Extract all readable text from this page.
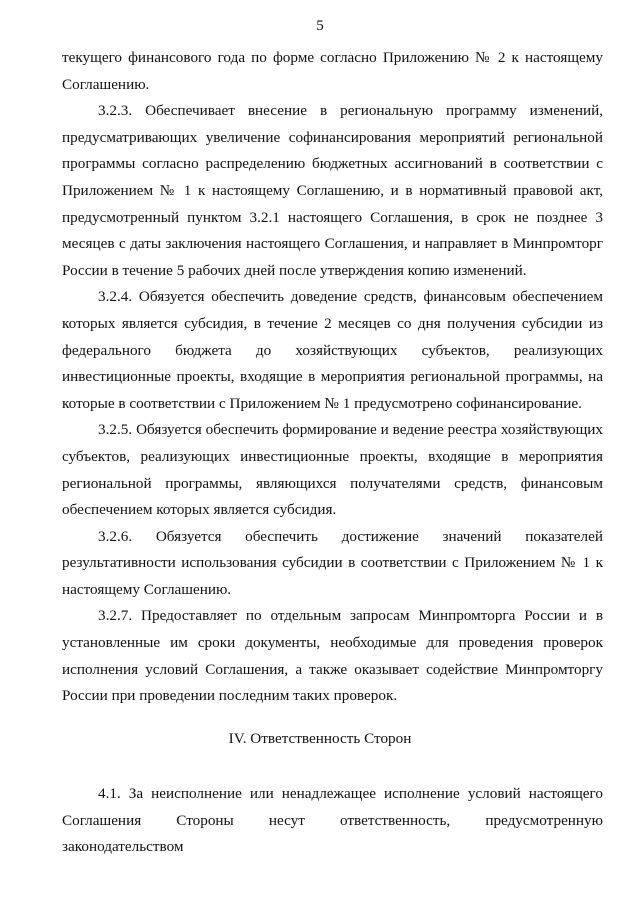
5

текущего финансового года по форме согласно Приложению № 2 к настоящему Соглашению.

3.2.3. Обеспечивает внесение в региональную программу изменений, предусматривающих увеличение софинансирования мероприятий региональной программы согласно распределению бюджетных ассигнований в соответствии с Приложением № 1 к настоящему Соглашению, и в нормативный правовой акт, предусмотренный пунктом 3.2.1 настоящего Соглашения, в срок не позднее 3 месяцев с даты заключения настоящего Соглашения, и направляет в Минпромторг России в течение 5 рабочих дней после утверждения копию изменений.

3.2.4. Обязуется обеспечить доведение средств, финансовым обеспечением которых является субсидия, в течение 2 месяцев со дня получения субсидии из федерального бюджета до хозяйствующих субъектов, реализующих инвестиционные проекты, входящие в мероприятия региональной программы, на которые в соответствии с Приложением № 1 предусмотрено софинансирование.

3.2.5. Обязуется обеспечить формирование и ведение реестра хозяйствующих субъектов, реализующих инвестиционные проекты, входящие в мероприятия региональной программы, являющихся получателями средств, финансовым обеспечением которых является субсидия.

3.2.6. Обязуется обеспечить достижение значений показателей результативности использования субсидии в соответствии с Приложением № 1 к настоящему Соглашению.

3.2.7. Предоставляет по отдельным запросам Минпромторга России и в установленные им сроки документы, необходимые для проведения проверок исполнения условий Соглашения, а также оказывает содействие Минпромторгу России при проведении последним таких проверок.

IV. Ответственность Сторон

4.1. За неисполнение или ненадлежащее исполнение условий настоящего Соглашения Стороны несут ответственность, предусмотренную законодательством
